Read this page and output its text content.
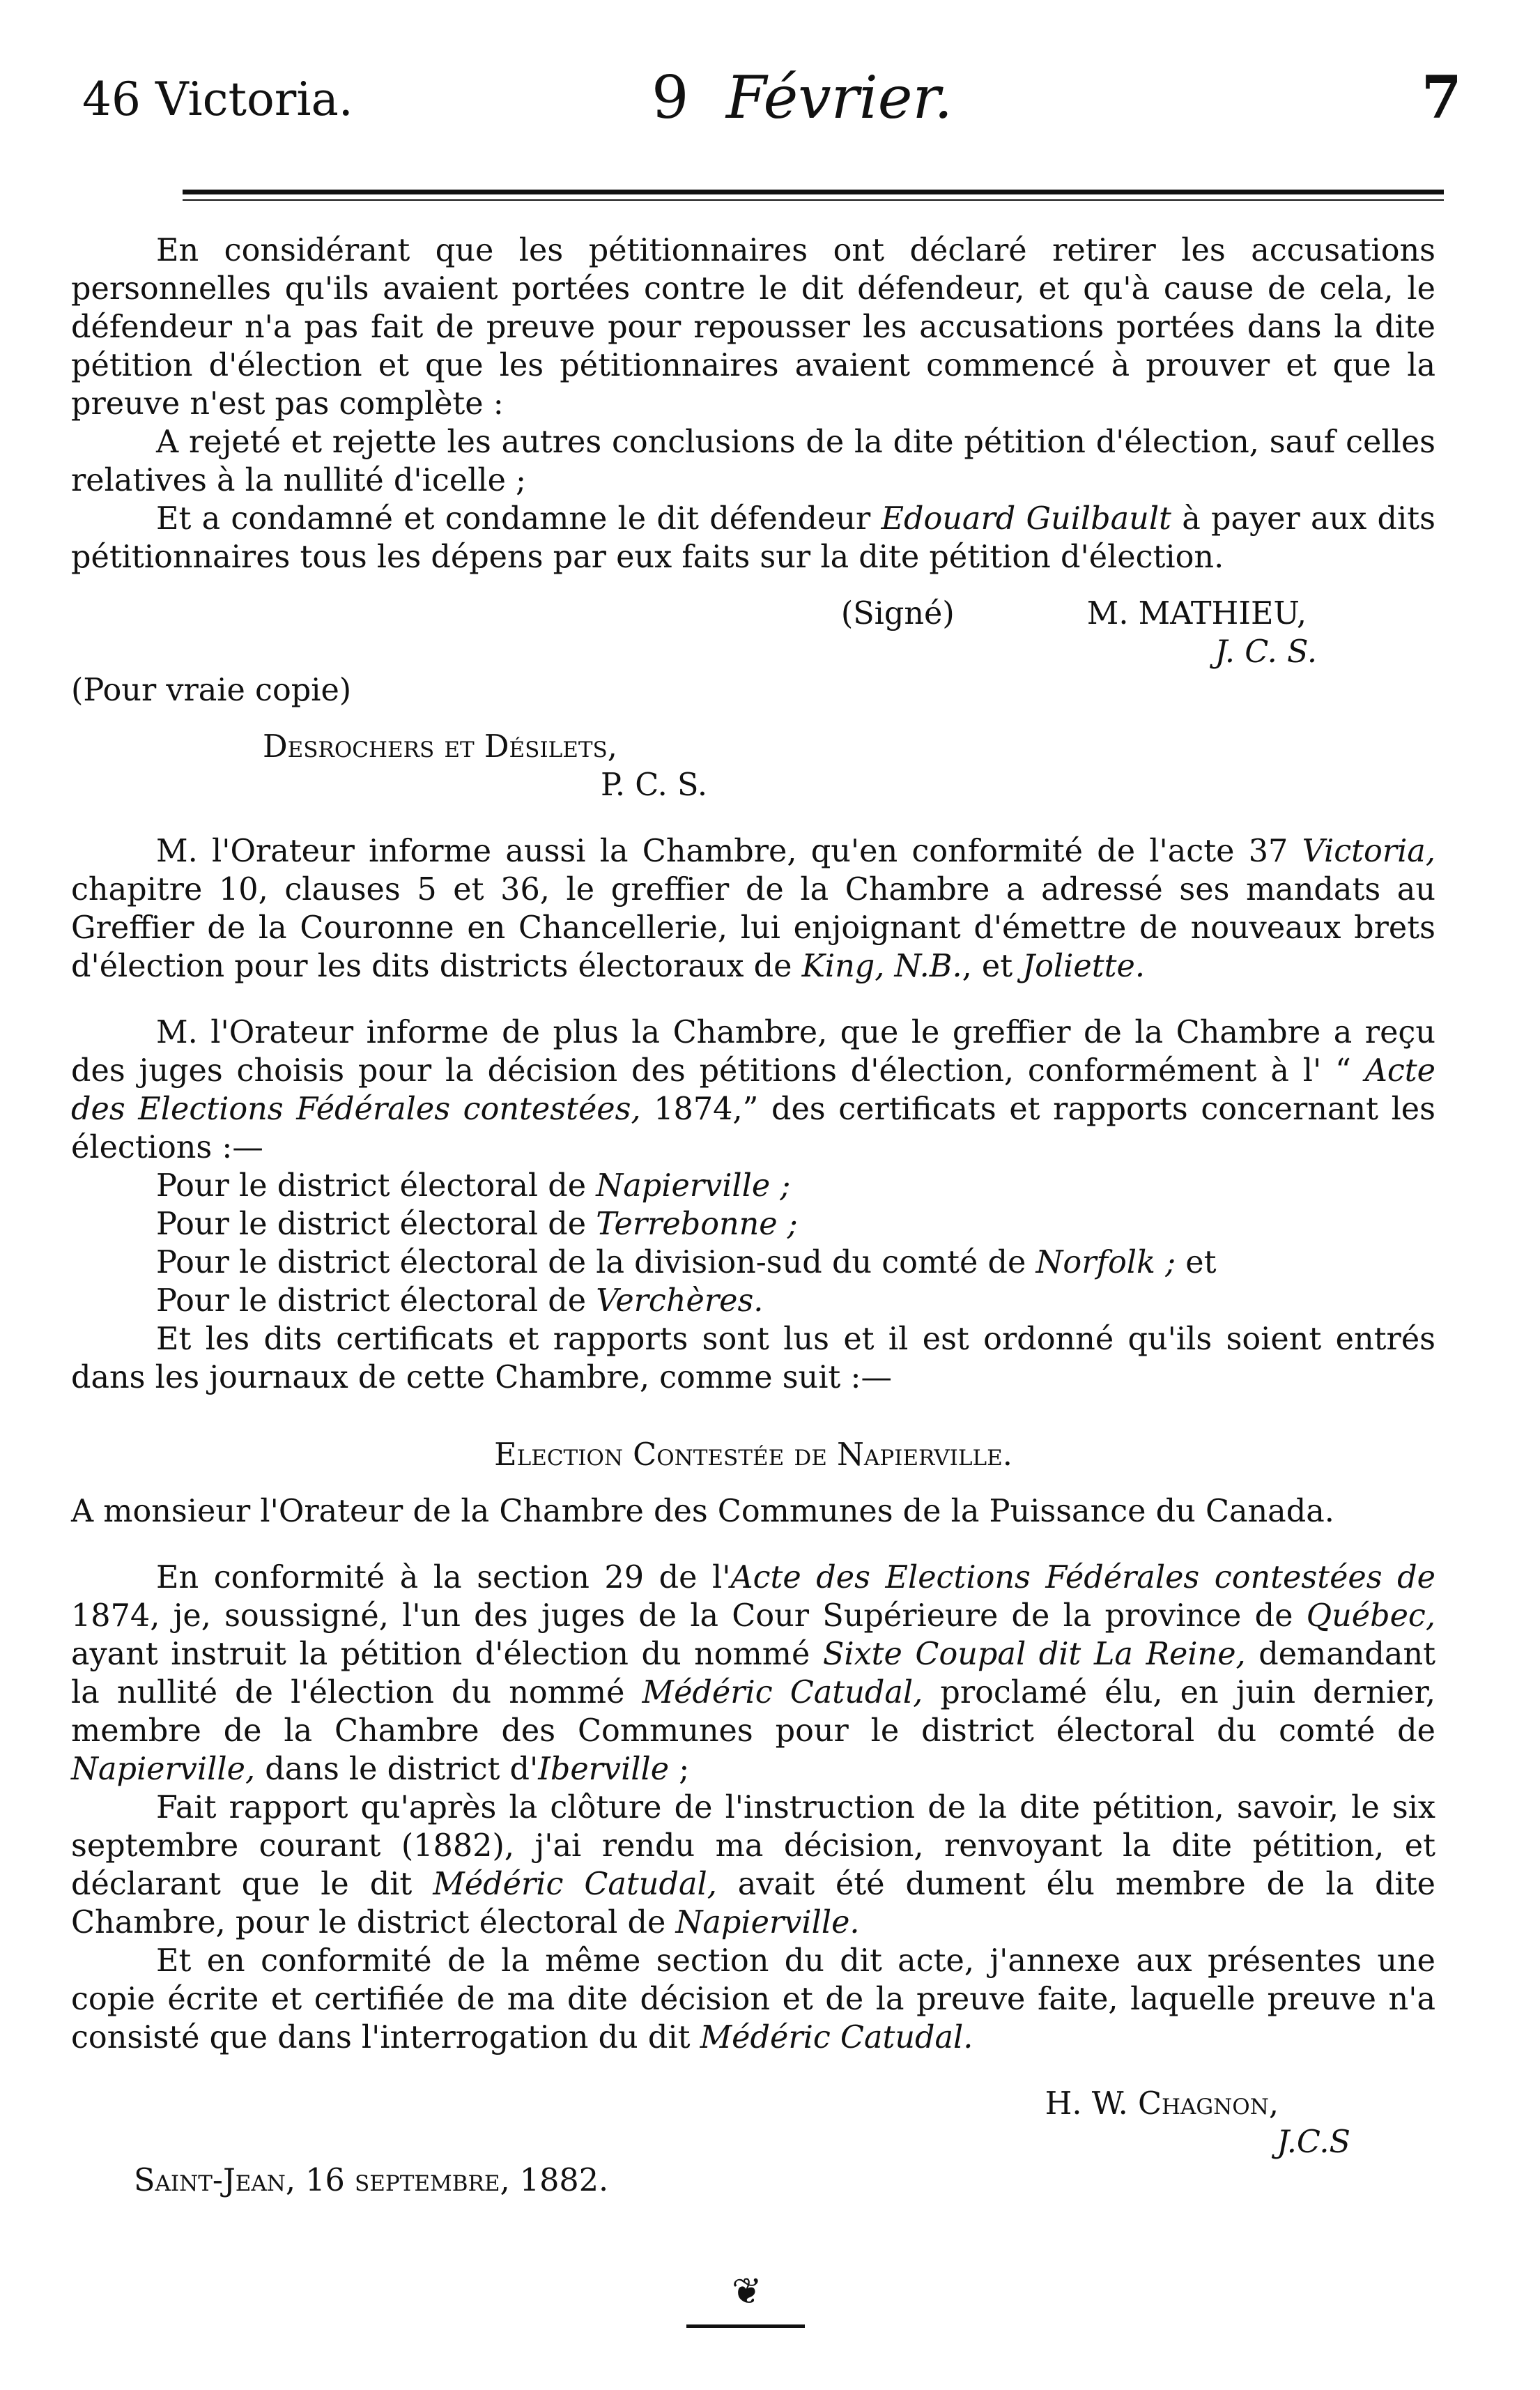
46 Victoria.	9 Février.	7

En considérant que les pétitionnaires ont déclaré retirer les accusations personnelles qu'ils avaient portées contre le dit défendeur, et qu'à cause de cela, le défendeur n'a pas fait de preuve pour repousser les accusations portées dans la dite pétition d'élection et que les pétitionnaires avaient commencé à prouver et que la preuve n'est pas complète :

A rejeté et rejette les autres conclusions de la dite pétition d'élection, sauf celles relatives à la nullité d'icelle ;

Et a condamné et condamne le dit défendeur Edouard Guilbault à payer aux dits pétitionnaires tous les dépens par eux faits sur la dite pétition d'élection.

(Signé)	M. MATHIEU,

J. C. S.

(Pour vraie copie)

Desrochers et Désilets,

P. C. S.

M. l'Orateur informe aussi la Chambre, qu'en conformité de l'acte 37 Victoria, chapitre 10, clauses 5 et 36, le greffier de la Chambre a adressé ses mandats au Greffier de la Couronne en Chancellerie, lui enjoignant d'émettre de nouveaux brets d'élection pour les dits districts électoraux de King, N.B., et Joliette.

M. l'Orateur informe de plus la Chambre, que le greffier de la Chambre a reçu des juges choisis pour la décision des pétitions d'élection, conformément à l' “ Acte des Elections Fédérales contestées, 1874,” des certificats et rapports concernant les élections :—

Pour le district électoral de Napierville ;

Pour le district électoral de Terrebonne ;

Pour le district électoral de la division-sud du comté de Norfolk ; et

Pour le district électoral de Verchères.

Et les dits certificats et rapports sont lus et il est ordonné qu'ils soient entrés dans les journaux de cette Chambre, comme suit :—

Election Contestée de Napierville.

A monsieur l'Orateur de la Chambre des Communes de la Puissance du Canada.

En conformité à la section 29 de l'Acte des Elections Fédérales contestées de 1874, je, soussigné, l'un des juges de la Cour Supérieure de la province de Québec, ayant instruit la pétition d'élection du nommé Sixte Coupal dit La Reine, demandant la nullité de l'élection du nommé Médéric Catudal, proclamé élu, en juin dernier, membre de la Chambre des Communes pour le district électoral du comté de Napierville, dans le district d'Iberville ;

Fait rapport qu'après la clôture de l'instruction de la dite pétition, savoir, le six septembre courant (1882), j'ai rendu ma décision, renvoyant la dite pétition, et déclarant que le dit Médéric Catudal, avait été dument élu membre de la dite Chambre, pour le district électoral de Napierville.

Et en conformité de la même section du dit acte, j'annexe aux présentes une copie écrite et certifiée de ma dite décision et de la preuve faite, laquelle preuve n'a consisté que dans l'interrogation du dit Médéric Catudal.

H. W. Chagnon,

J.C.S

Saint-Jean, 16 septembre, 1882.

❦
